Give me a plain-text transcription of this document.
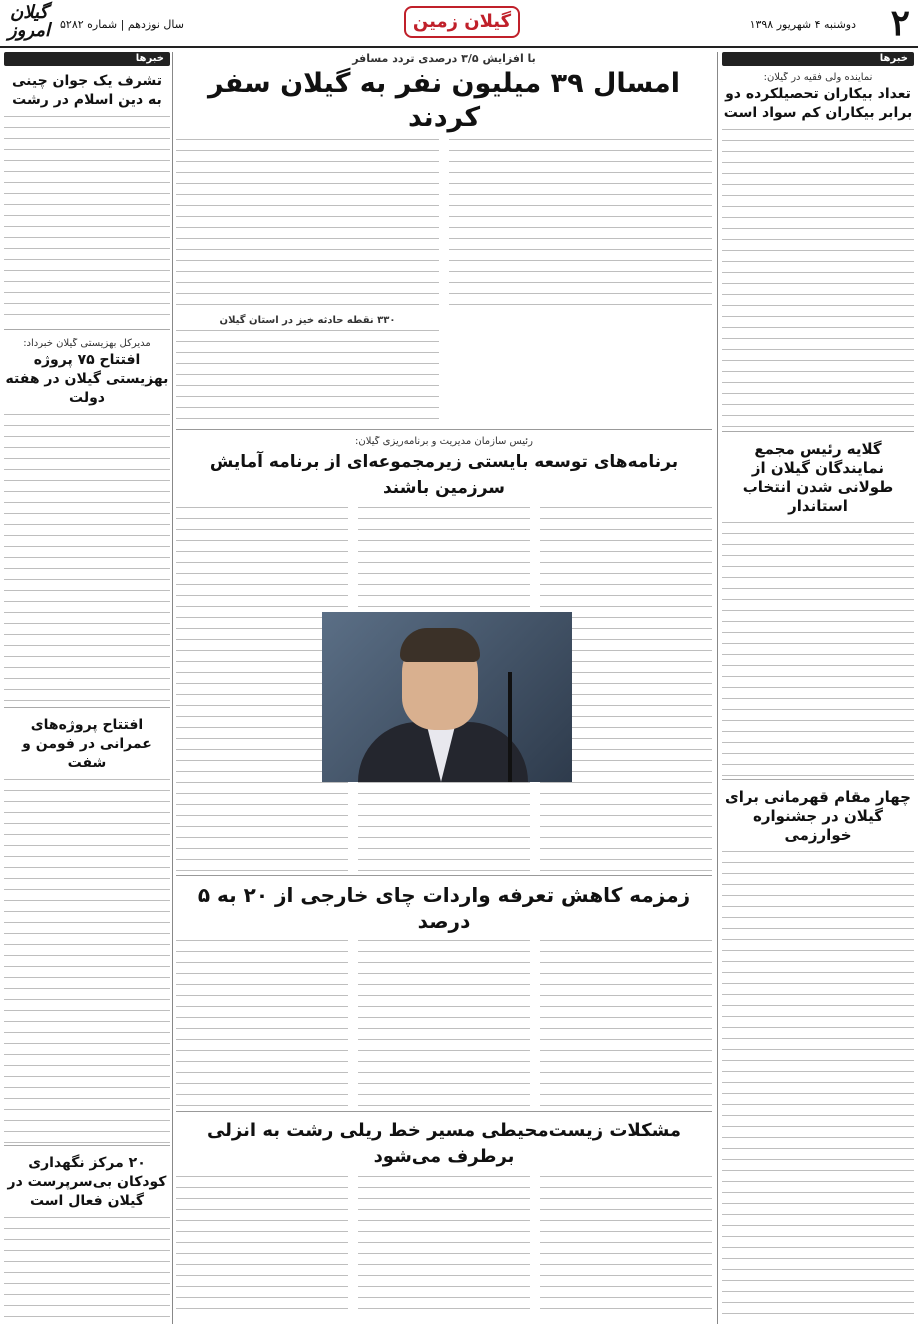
۲
دوشنبه ۴ شهریور ۱۳۹۸
گیلان زمین
سال نوزدهم | شماره ۵۲۸۲
گیلان امروز
خبرها
نماینده ولی فقیه در گیلان:
تعداد بیکاران تحصیلکرده دو برابر بیکاران کم سواد است
گلایه رئیس مجمع نمایندگان گیلان از طولانی شدن انتخاب استاندار
چهار مقام قهرمانی برای گیلان در جشنواره خوارزمی
خبرها
تشرف یک جوان چینی به دین اسلام در رشت
مدیرکل بهزیستی گیلان خبرداد:
افتتاح ۷۵ پروژه بهزیستی گیلان در هفته دولت
افتتاح پروژه‌های عمرانی در فومن و شفت
۲۰ مرکز نگهداری کودکان بی‌سرپرست در گیلان فعال است
با افزایش ۳/۵ درصدی تردد مسافر
امسال ۳۹ میلیون نفر به گیلان سفر کردند
۳۳۰ نقطه حادثه خیز در استان گیلان
رئیس سازمان مدیریت و برنامه‌ریزی گیلان:
برنامه‌های توسعه بایستی زیرمجموعه‌ای از برنامه آمایش سرزمین باشند
زمزمه کاهش تعرفه واردات چای خارجی از ۲۰ به ۵ درصد
مشکلات زیست‌محیطی مسیر خط ریلی رشت به انزلی برطرف می‌شود
